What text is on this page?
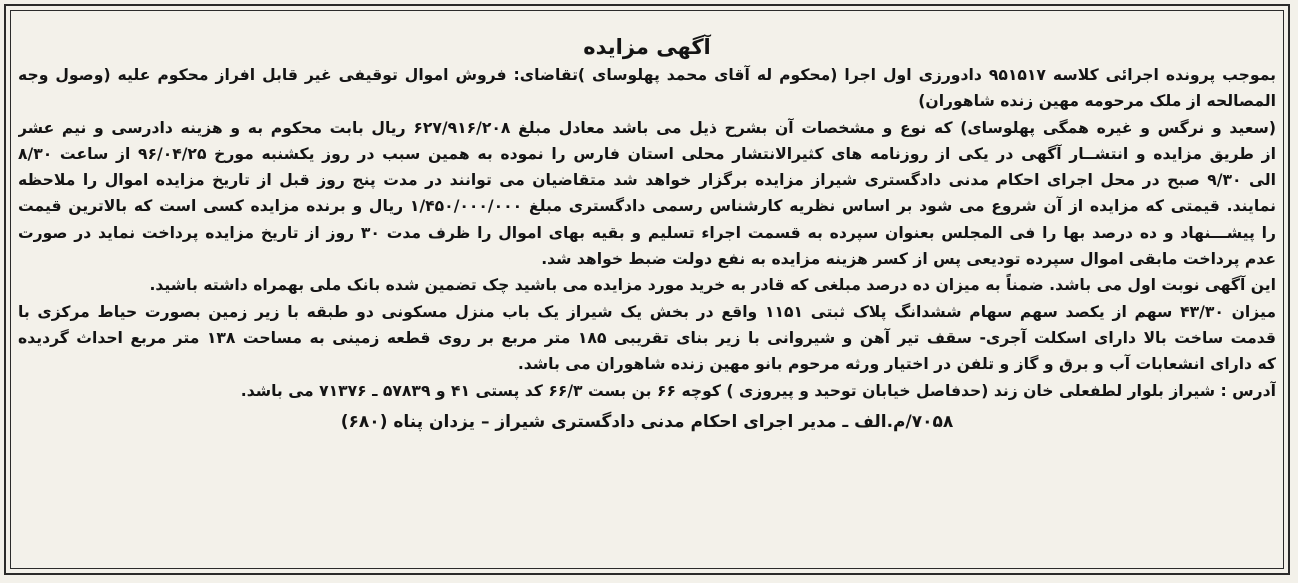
آگهی مزایده
بموجب پرونده اجرائی کلاسه ۹۵۱۵۱۷ دادورزی اول اجرا (محکوم له آقای محمد پهلوسای )تقاضای: فروش اموال توقیفی غیر قابل افراز محکوم علیه (وصول وجه
المصالحه از ملک مرحومه مهین زنده شاهوران)
(سعید و نرگس و غیره همگی پهلوسای) که نوع و مشخصات آن بشرح ذیل می باشد معادل مبلغ ۶۲۷/۹۱۶/۲۰۸ ریال بابت محکوم به و هزینه دادرسی و نیم عشر
از طریق مزایده و انتشــار آگهی در یکی از روزنامه های کثیرالانتشار محلی استان فارس را نموده به همین سبب در روز یکشنبه مورخ ۹۶/۰۴/۲۵ از ساعت ۸/۳۰
الی ۹/۳۰ صبح در محل اجرای احکام مدنی دادگستری شیراز مزایده برگزار خواهد شد متقاضیان می توانند در مدت پنج روز قبل از تاریخ مزایده اموال را ملاحظه
نمایند. قیمتی که مزایده از آن شروع می شود بر اساس نظریه کارشناس رسمی دادگستری مبلغ ۱/۴۵۰/۰۰۰/۰۰۰ ریال و برنده مزایده کسی است که بالاترین قیمت
را پیشـــنهاد و ده درصد بها را فی المجلس بعنوان سپرده به قسمت اجراء تسلیم و بقیه بهای اموال را ظرف مدت ۳۰ روز از تاریخ مزایده پرداخت نماید در صورت
عدم پرداخت مابقی اموال سپرده تودیعی پس از کسر هزینه مزایده به نفع دولت ضبط خواهد شد.
این آگهی نوبت اول می باشد. ضمناً به میزان ده درصد مبلغی که قادر به خرید مورد مزایده می باشید چک تضمین شده بانک ملی بهمراه داشته باشید.
میزان ۴۳/۳۰ سهم از یکصد سهم سهام ششدانگ پلاک ثبتی ۱۱۵۱ واقع در بخش یک شیراز یک باب منزل مسکونی دو طبقه با زیر زمین بصورت حیاط مرکزی با
قدمت ساخت بالا دارای اسکلت آجری- سقف تیر آهن و شیروانی با زیر بنای تقریبی ۱۸۵ متر مربع بر روی قطعه زمینی به مساحت ۱۳۸ متر مربع احداث گردیده
که دارای انشعابات آب و برق و گاز و تلفن در اختیار ورثه مرحوم بانو مهین زنده شاهوران می باشد.
آدرس : شیراز بلوار لطفعلی خان زند (حدفاصل خیابان توحید و پیروزی ) کوچه ۶۶ بن بست ۶۶/۳ کد پستی ۴۱ و ۵۷۸۳۹ ـ ۷۱۳۷۶ می باشد.
۷۰۵۸/م.الف ـ مدیر اجرای احکام مدنی دادگستری شیراز – یزدان پناه (۶۸۰)
